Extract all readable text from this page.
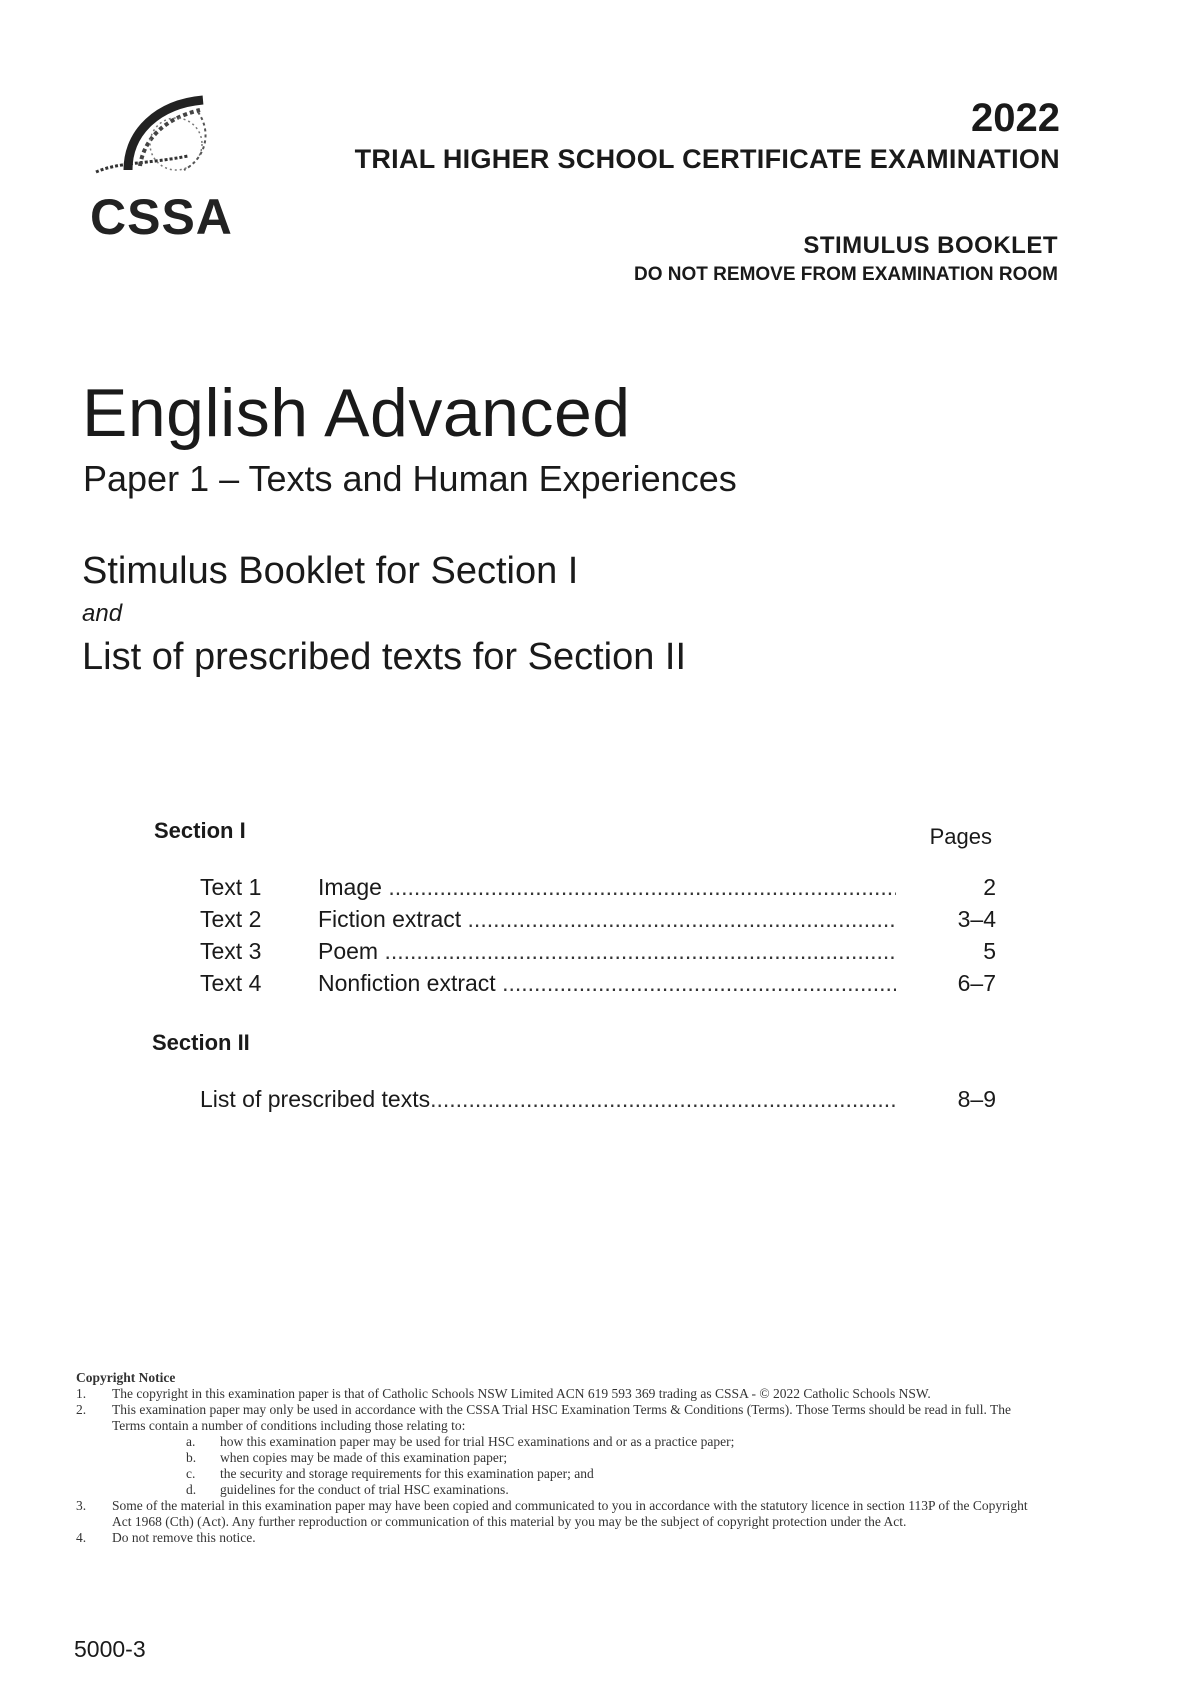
CSSA
2022
TRIAL HIGHER SCHOOL CERTIFICATE EXAMINATION
STIMULUS BOOKLET
DO NOT REMOVE FROM EXAMINATION ROOM
English Advanced
Paper 1 – Texts and Human Experiences
Stimulus Booklet for Section I
and
List of prescribed texts for Section II
Section I	Pages
Text 1 Image .....	2
Text 2 Fiction extract .....	3–4
Text 3 Poem .....	5
Text 4 Nonfiction extract .....	6–7
Section II
List of prescribed texts .....	8–9
Copyright Notice
1. The copyright in this examination paper is that of Catholic Schools NSW Limited ACN 619 593 369 trading as CSSA - © 2022 Catholic Schools NSW.
2. This examination paper may only be used in accordance with the CSSA Trial HSC Examination Terms & Conditions (Terms). Those Terms should be read in full. The Terms contain a number of conditions including those relating to:
a. how this examination paper may be used for trial HSC examinations and or as a practice paper;
b. when copies may be made of this examination paper;
c. the security and storage requirements for this examination paper; and
d. guidelines for the conduct of trial HSC examinations.
3. Some of the material in this examination paper may have been copied and communicated to you in accordance with the statutory licence in section 113P of the Copyright Act 1968 (Cth) (Act). Any further reproduction or communication of this material by you may be the subject of copyright protection under the Act.
4. Do not remove this notice.
5000-3
